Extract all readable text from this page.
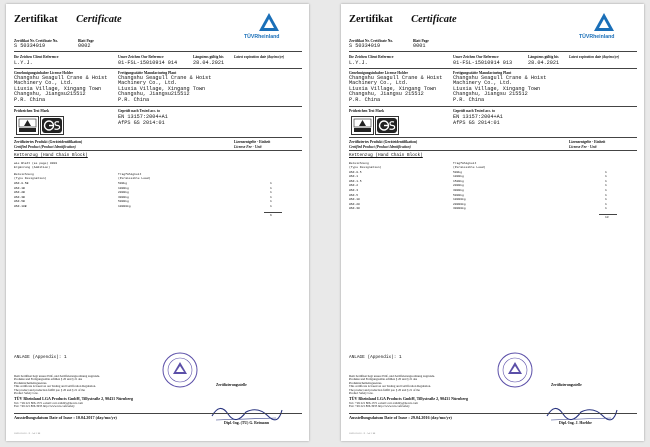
Zertifikat Certificate
TÜVRheinland
Zertifikat Nr. Certificate No.	Blatt Page
S 50334019	0002
Ihr Zeichen Client Reference	Unser Zeichen Our Reference	Längstens gültig bis	Latest expiration date (day/mo/yr)
L.Y.J.	01-FSL-15010914 014	28.04.2021
Genehmigungsinhaber License Holder	Fertigungsstätte Manufacturing Plant
Changshu Seagull Crane & Hoist
Machinery Co., Ltd.
Liuxia Village, Xingang Town
Changshu, Jiangsu215512
P.R. China
Changshu Seagull Crane & Hoist
Machinery Co., Ltd.
Liuxia Village, Xingang Town
Changshu, Jiangsu215512
P.R. China
Prüfzeichen Test Mark	Geprüft nach Tested acc. to
EN 13157:2004+A1
AfPS GS 2014:01
Zertifiziertes Produkt (Geräteidentifikation)
Certified Product (Product Identification)
Lizenzentgelte - Einheit
License Fee - Unit
Kettenzug (Hand Chain Block)
wie Blatt (as page) 0001
Ergänzung (Addition)
Bezeichnung	Tragfähigkeit
(Type Designation)	(Permissible Load)
HSZ-0.5B	500kg	1
HSZ-1B	1000kg	1
HSZ-2B	2000kg	1
HSZ-3B	3000kg	1
HSZ-5B	5000kg	1
HSZ-10B	10000kg	1
6
ANLAGE (Appendix): 1
Dem Zertifikat liegt unsere Prüf- und Zertifizierungsordnung zugrunde.
Produkte und Fertigungsstätte erfüllen § 20 und § 21 des
Produktsicherheitsgesetzes.
This certificate is based on our Testing and Certification Regulation.
The product and production fulfill par. § 20 and § 21 of the
Product Safety Law.
Zertifizierungsstelle
TÜV Rheinland LGA Products GmbH, Tillystraße 2, 90431 Nürnberg
Tel.: +49 221 806-1371 e-mail: cert-validity@de.tuv.com
Fax: +49 221 806-3935 http://www.tuv.com/safety
Ausstellungsdatum Date of Issue : 10.04.2017 (day/mo/yr)
Dipl.-Ing. (TU) G. Reimann
10/210 10.16 · E · A4 ® 08
Zertifikat Certificate
TÜVRheinland
Zertifikat Nr. Certificate No.	Blatt Page
S 50334019	0001
Ihr Zeichen Client Reference	Unser Zeichen Our Reference	Längstens gültig bis	Latest expiration date (day/mo/yr)
L.Y.J.	01-FSL-15010914 013	28.04.2021
Genehmigungsinhaber License Holder	Fertigungsstätte Manufacturing Plant
Changshu Seagull Crane & Hoist
Machinery Co., Ltd.
Liuxia Village, Xingang Town
Changshu, Jiangsu 215512
P.R. China
Changshu Seagull Crane & Hoist
Machinery Co., Ltd.
Liuxia Village, Xingang Town
Changshu, Jiangsu 215512
P.R. China
Prüfzeichen Test Mark	Geprüft nach Tested acc. to
EN 13157:2004+A1
AfPS GS 2014:01
Zertifiziertes Produkt (Geräteidentifikation)
Certified Product (Product Identification)
Lizenzentgelte - Einheit
License Fee - Unit
Kettenzug (Hand Chain Block)
Bezeichnung	Tragfähigkeit
(Type Designation)	(Permissible Load)
HSZ-0.5	500kg	1
HSZ-1	1000kg	1
HSZ-1.5	1500kg	1
HSZ-2	2000kg	1
HSZ-3	3000kg	1
HSZ-5	5000kg	1
HSZ-10	10000kg	1
HSZ-20	20000kg	1
HSZ-30	30000kg	1
13
ANLAGE (Appendix): 1
Dem Zertifikat liegt unsere Prüf- und Zertifizierungsordnung zugrunde.
Produkte und Fertigungsstätte erfüllen § 20 und § 21 des
Produktsicherheitsgesetzes.
This certificate is based on our Testing and Certification Regulation.
The product and production fulfill par. § 20 and § 21 of the
Product Safety Law.
Zertifizierungsstelle
TÜV Rheinland LGA Products GmbH, Tillystraße 2, 90431 Nürnberg
Tel.: +49 221 806-1371 e-mail: cert-validity@de.tuv.com
Fax: +49 221 806-3935 http://www.tuv.com/safety
Ausstellungsdatum Date of Issue : 29.04.2016 (day/mo/yr)
Dipl.-Ing. J. Hoebbe
10/210 10.16 · E · A4 ® 08
